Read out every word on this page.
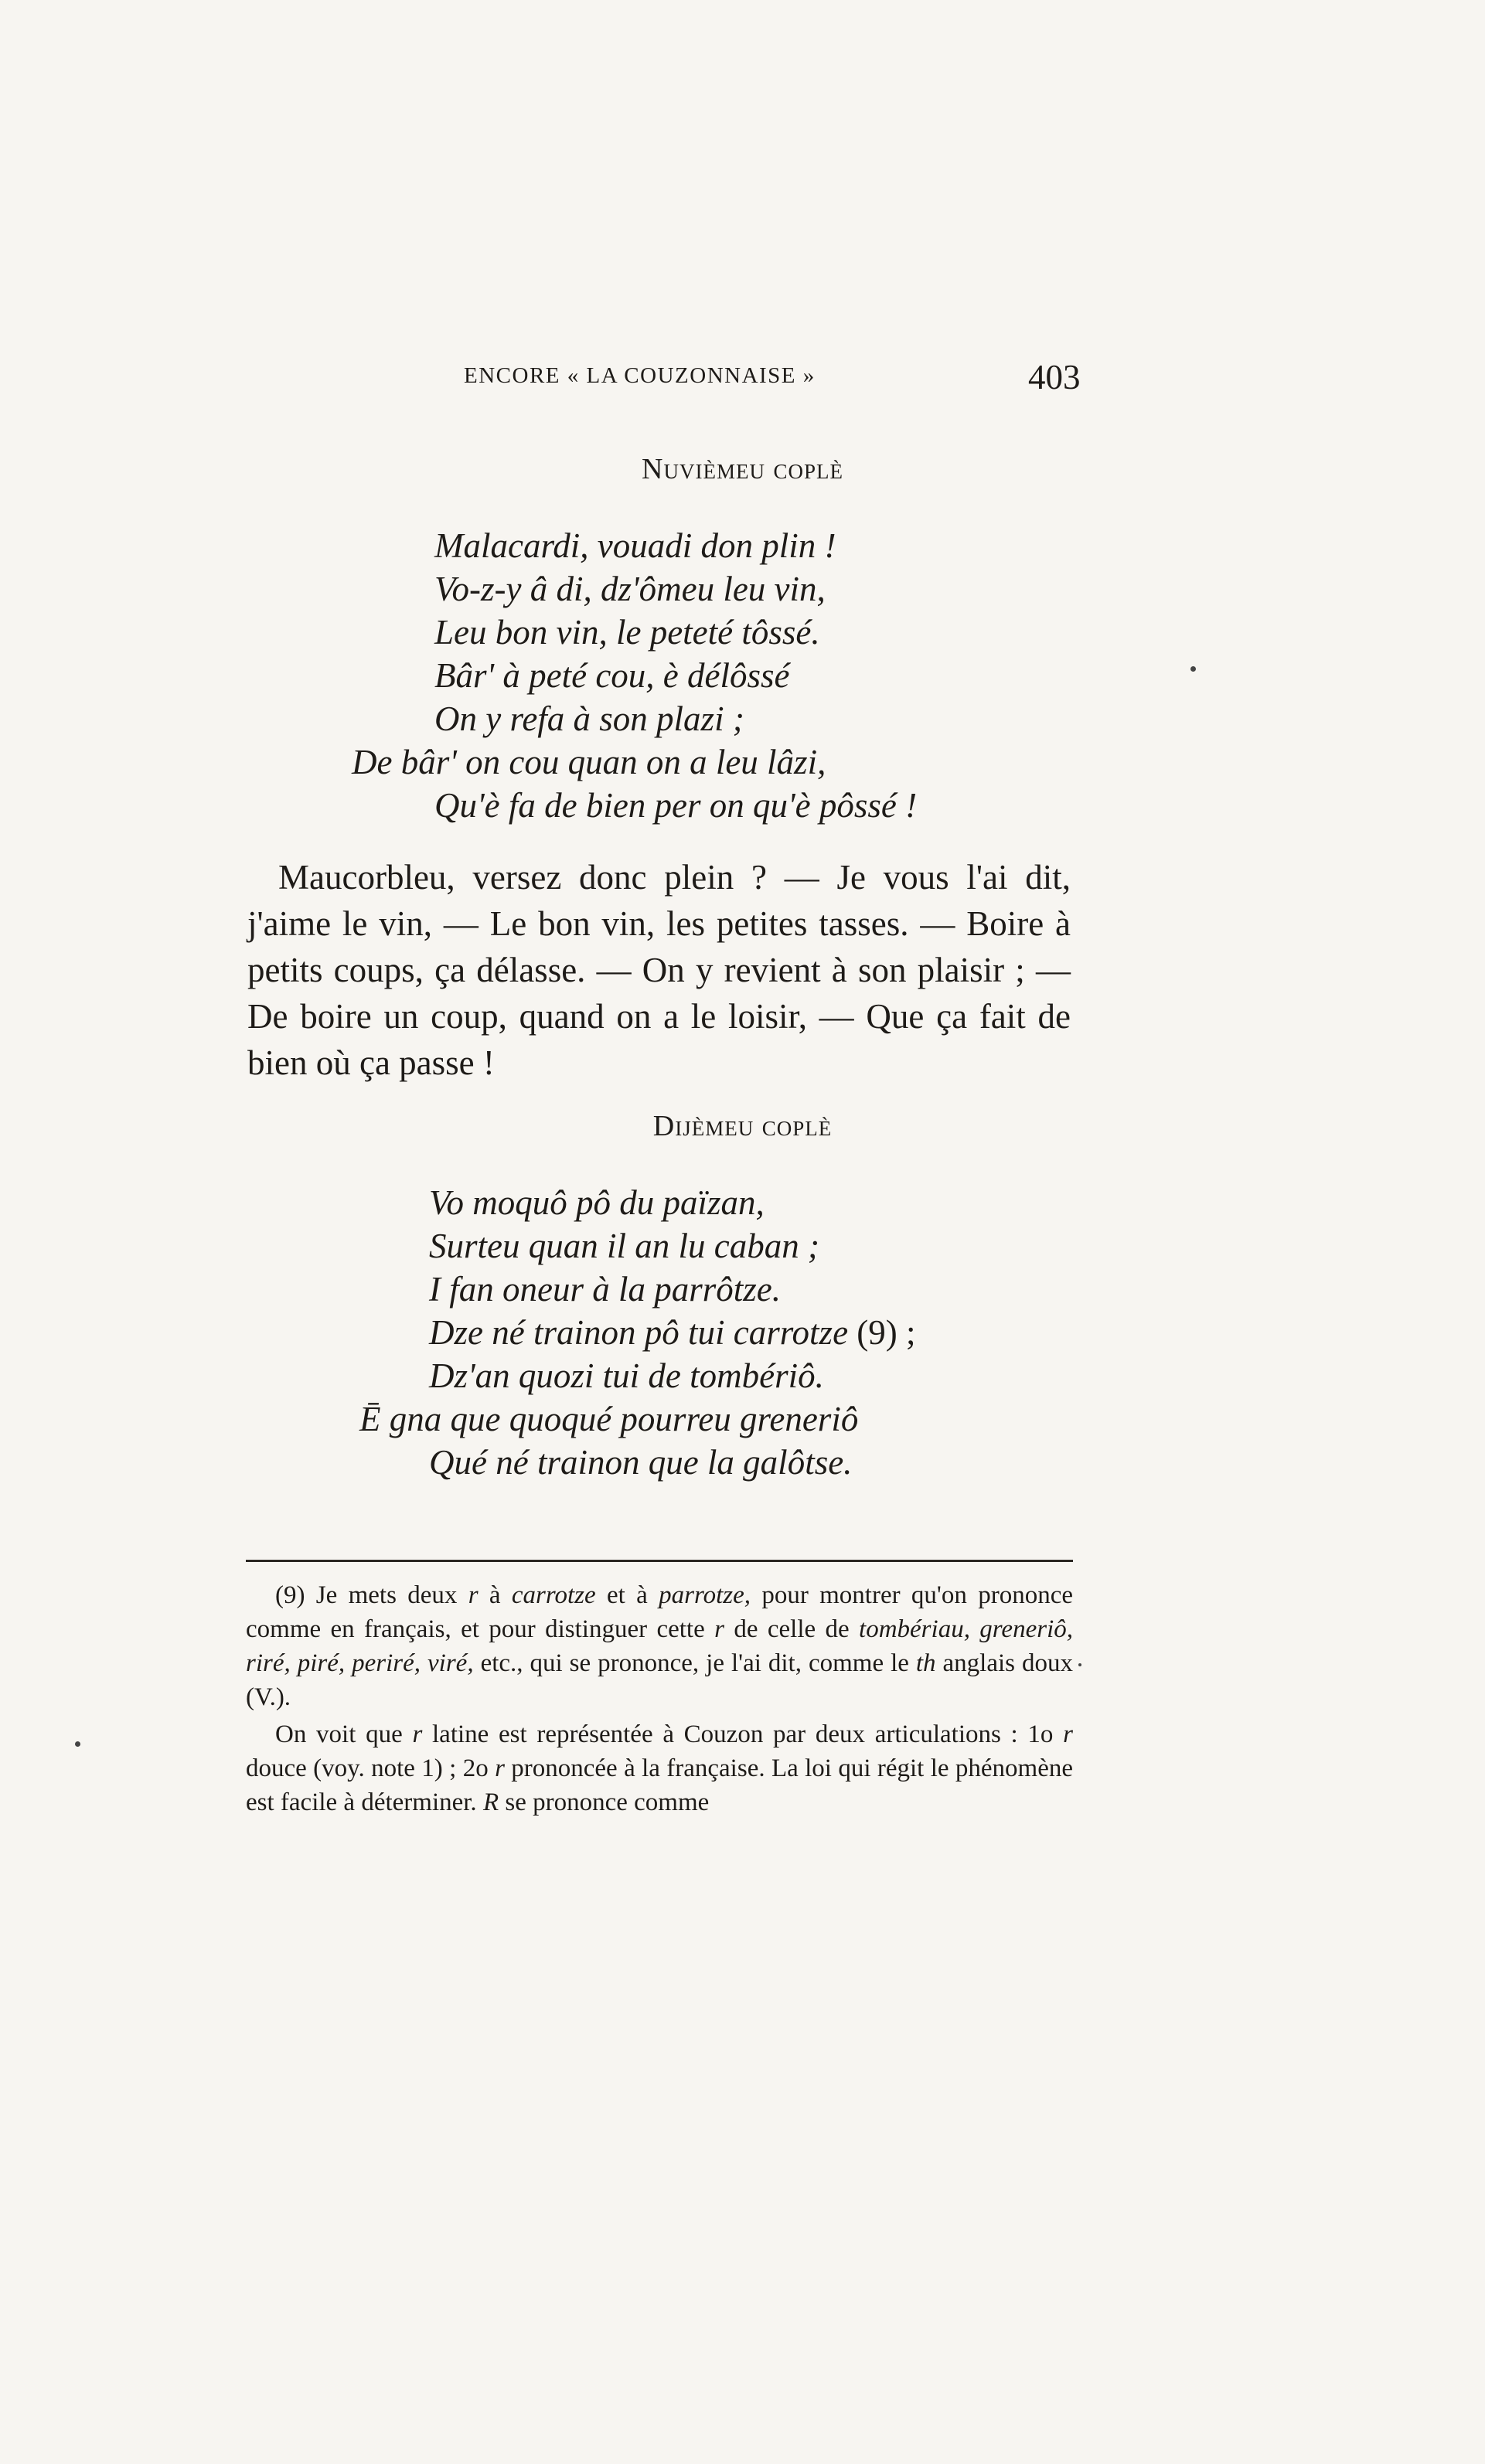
ENCORE « LA COUZONNAISE »	403
Nuvièmeu coplè
Malacardi, vouadi don plin !
Vo-z-y â di, dz'ômeu leu vin,
Leu bon vin, le peteté tôssé.
Bâr' à peté cou, è délôssé
On y refa à son plazi ;
De bâr' on cou quan on a leu lâzi,
Qu'è fa de bien per on qu'è pôssé !
Maucorbleu, versez donc plein ? — Je vous l'ai dit, j'aime le vin, — Le bon vin, les petites tasses. — Boire à petits coups, ça délasse. — On y revient à son plaisir ; — De boire un coup, quand on a le loisir, — Que ça fait de bien où ça passe !
Dijèmeu coplè
Vo moquô pô du païzan,
Surteu quan il an lu caban ;
I fan oneur à la parrôtze.
Dze né trainon pô tui carrotze (9) ;
Dz'an quozi tui de tombériô.
Ē gna que quoqué pourreu greneriô
Qué né trainon que la galôtse.
(9) Je mets deux r à carrotze et à parrotze, pour montrer qu'on prononce comme en français, et pour distinguer cette r de celle de tombériau, greneriô, riré, piré, periré, viré, etc., qui se prononce, je l'ai dit, comme le th anglais doux (V.).
On voit que r latine est représentée à Couzon par deux articulations : 1o r douce (voy. note 1) ; 2o r prononcée à la française. La loi qui régit le phénomène est facile à déterminer. R se prononce comme
